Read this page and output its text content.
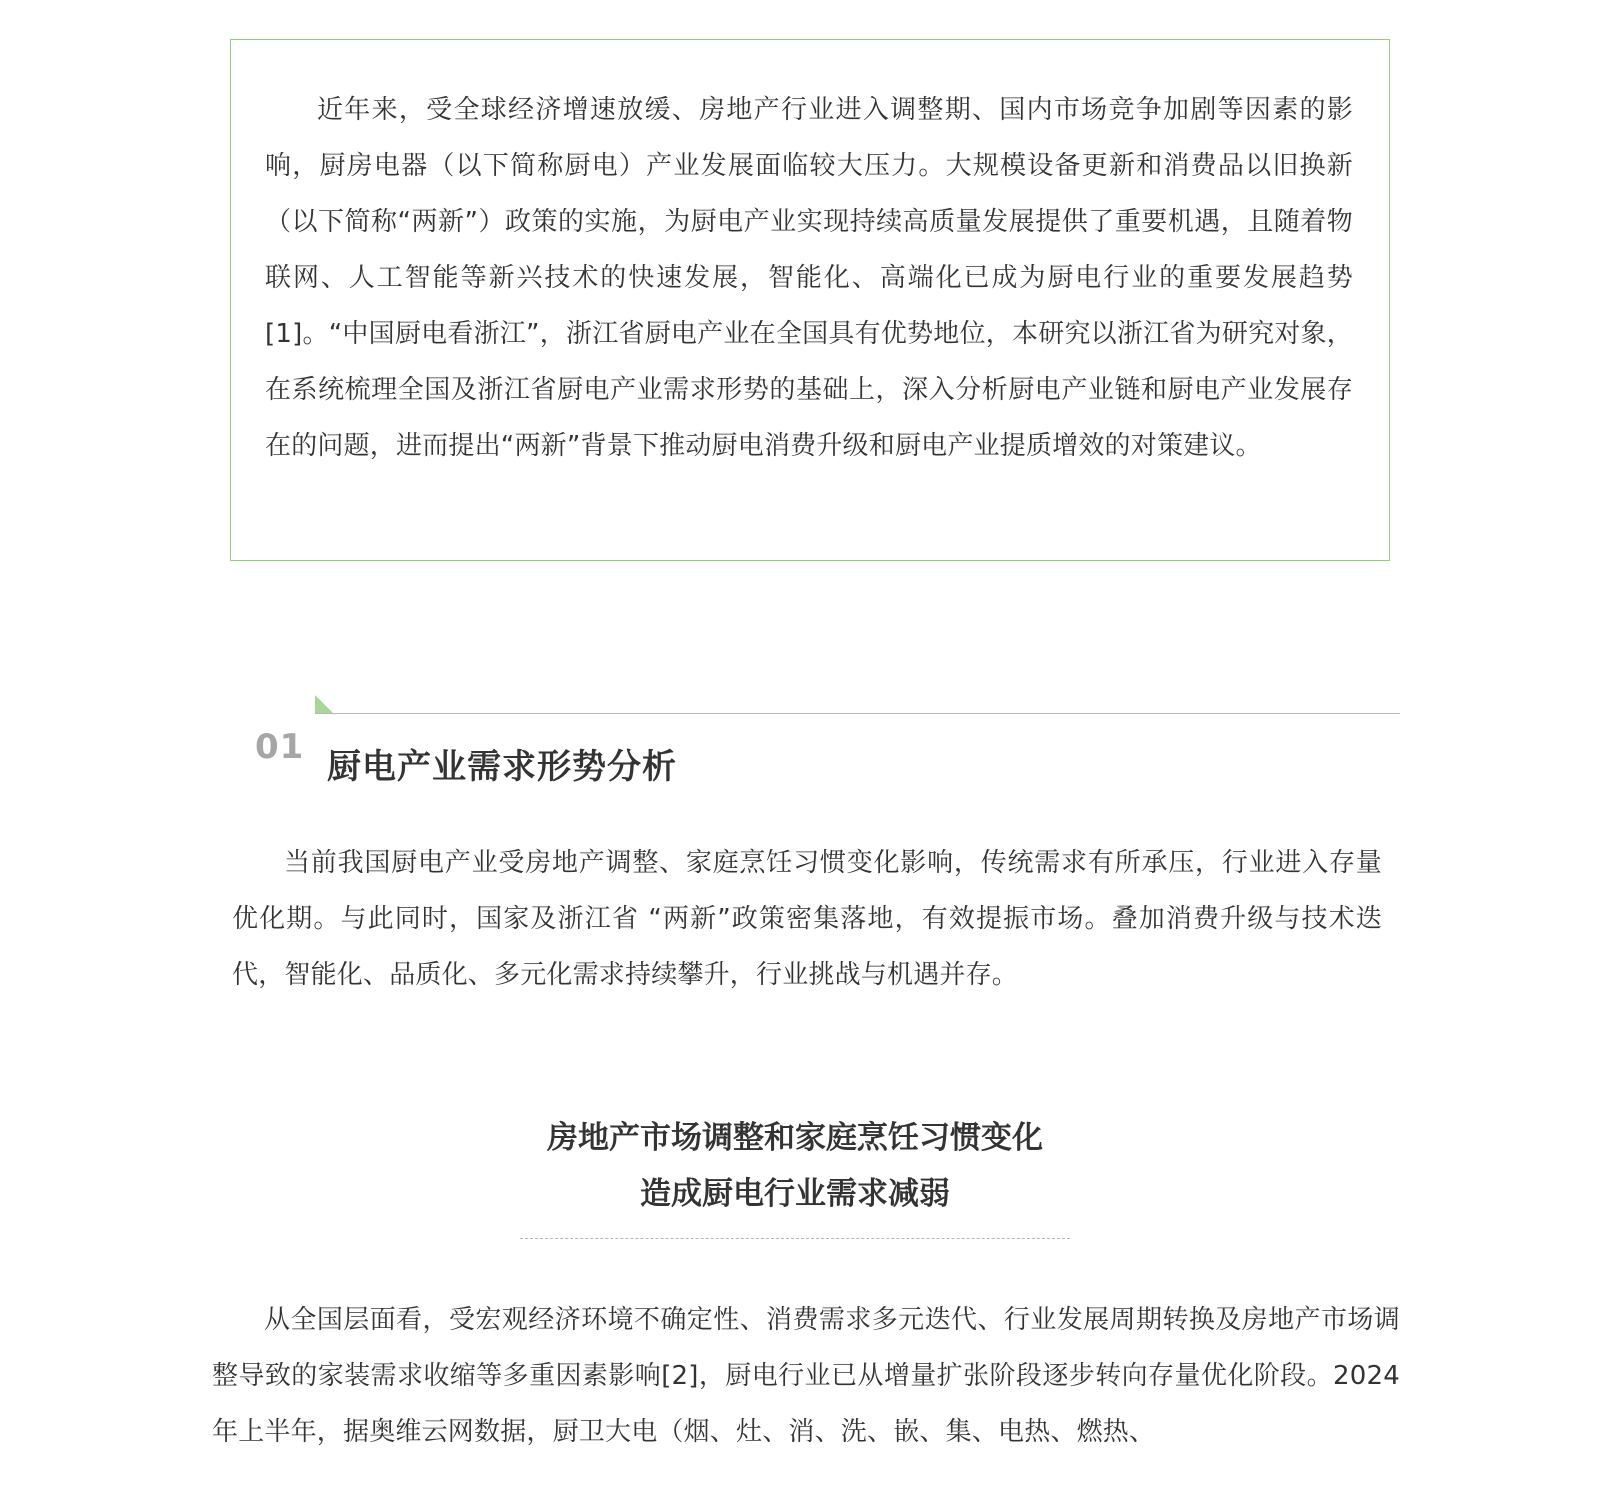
近年来，受全球经济增速放缓、房地产行业进入调整期、国内市场竞争加剧等因素的影响，厨房电器（以下简称厨电）产业发展面临较大压力。大规模设备更新和消费品以旧换新（以下简称“两新”）政策的实施，为厨电产业实现持续高质量发展提供了重要机遇，且随着物联网、人工智能等新兴技术的快速发展，智能化、高端化已成为厨电行业的重要发展趋势[1]。“中国厨电看浙江”，浙江省厨电产业在全国具有优势地位，本研究以浙江省为研究对象，在系统梳理全国及浙江省厨电产业需求形势的基础上，深入分析厨电产业链和厨电产业发展存在的问题，进而提出“两新”背景下推动厨电消费升级和厨电产业提质增效的对策建议。

01 厨电产业需求形势分析

当前我国厨电产业受房地产调整、家庭烹饪习惯变化影响，传统需求有所承压，行业进入存量优化期。与此同时，国家及浙江省 “两新”政策密集落地，有效提振市场。叠加消费升级与技术迭代，智能化、品质化、多元化需求持续攀升，行业挑战与机遇并存。

房地产市场调整和家庭烹饪习惯变化

造成厨电行业需求减弱

从全国层面看，受宏观经济环境不确定性、消费需求多元迭代、行业发展周期转换及房地产市场调整导致的家装需求收缩等多重因素影响[2]，厨电行业已从增量扩张阶段逐步转向存量优化阶段。2024年上半年，据奥维云网数据，厨卫大电（烟、灶、消、洗、嵌、集、电热、燃热、
